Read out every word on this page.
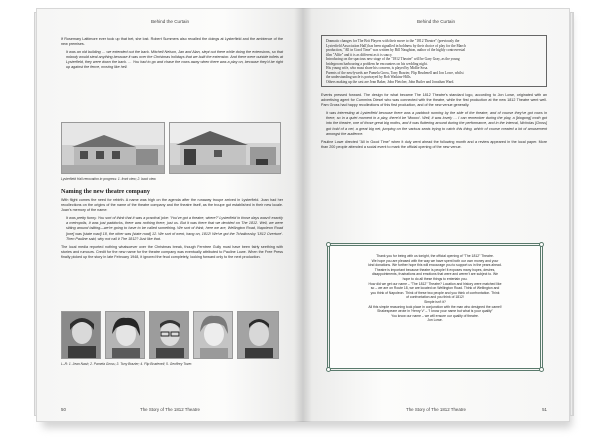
Behind the Curtain

If Rosemary Lattimore ever took up that bet, she lost. Robert Summers also recalled the doings at Lysterfield and the ambience of the new premises.

It was an old building … we extended out the back. Mitchell Nelson, Jan and Alan, slept out there while doing the extensions, so that nobody would steal anything because it was over the Christmas holidays that we built the extension. And there were outside toilets at Lysterfield, they were down the back. … You had to go and chase the cows away when there was a play on, because they'd be right up against the fence, moving like hell.

Lysterfield Hall renovation in progress: 1. front view; 2. back view.
Naming the new theatre company

With flight comes the need for rebirth. A name was high on the agenda after the runaway troupe arrived in Lysterfield. Joan had her recollections on the origins of the name of the theatre company and the theatre itself, as the troupe got established in their new locale. Joan's memory of the name:

It was pretty funny. You sort of think that it was a practical joke: 'You've got a theatre, where?' Lysterfield in those days wasn't exactly a metropolis, it was just paddocks, there was nothing there, just us. But it was there that we decided on The 1812. Well, we were sitting around talking—we're going to have to be called something. We sort of think, here we are, Wellington Road, Napoleon Road [one] was [state road] 18, the other was [state road] 12. We sort of went, hang on, 1812! We've got the Tchaikovsky '1812 Overture'. Then Pauline said, why not call it The 1812? Just like that.

The local media reported nothing whatsoever over the Christmas break, though Ferntree Gully must have been fairly seething with stories and rumours. Credit for the new name for the theatre company was eventually attributed to Pauline Lowe. When the Free Press finally picked up the story in late February 1948, it ignored the feud completely, looking forward only to the next production.

L–R: 1. Jean Nash; 2. Pamela Gross; 3. Tony Brazier; 4. Flip Brudenell; 5. Geoffrey Tozer.
50	The Story of The 1812 Theatre
Behind the Curtain
Dramatic changes for The Brit Players with their move to the "1812 Theatre" (previously the
Lysterfield Association Hall) has been signalled in boldness by their choice of play for the March
production, "All in Good Time" was written by Bill Naughton, author of the highly controversial
film "Alfie" and it is as different as it is saucy.
Introducing on the spacious new stage of the "1812 Theatre" will be Gary Gray, as the young
bridegroom harbouring a problem he encounters on his wedding night.
His young wife, who must share his concern, is played by Midlie Sosa.
Parents of the newlyweds are Pamela Gross, Tony Brazier, Flip Brudenell and Jon Lowe, whilst
the understanding uncle is portrayed by Bob Watkins-Hills.
Others making up the cast are Jean Baker, John Fletcher, John Butler and Jonathan Ward.

Events pressed forward. The design for what became The 1812 Theatre's standard logo, according to Jon Lowe, originated with an advertising agent for Cummins Diesel who was connected with the theatre, while the first production at the new 1812 Theatre went well. Pam Gross had happy recollections of this first production, and of the new venue generally.

It was interesting at Lysterfield because there was a paddock running by the side of the theatre, and of course they've got cows in there, so in a quiet moment in a play, there'd be 'Moooo'. Well, it was lovely … I can remember during the play, a [biogong] moth got into the theatre, one of those great big moths, and it was fluttering around during the performance, and in the interval, Nicholas [Gross] got hold of a net, a great big net, jumping on the various seats trying to catch this thing, which of course created a lot of amusement amongst the audience.

Pauline Lowe directed "All in Good Time" when it duly went ahead the following month and a review appeared in the local paper. More than 200 people attended a social event to mark the official opening of the new venue.

Thank you for being with us tonight, the official opening of "The 1812" Theatre.
We hope you are pleased with the way we have spent both our own money and your
kind donations. We further hope this will encourage you to support us in the years ahead.
Theatre is important because theatre is people! It exposes many hopes, desires,
disappointments, frustrations and emotions that were and weren't are subject to. We
hope to do all these things to entertain you.
How did we get our name – "The 1812" Theatre? Location and history were matched like
so – we are on Route 18, we are located on Wellington Road. Think of Wellington and
you think of Napoleon. Think of these two people and you think of confrontation. Think
of confrontation and you think of 1812!
Simple isn't it?
All this simple reasoning took place in conjunction with the man who designed the camel!
Shakespeare wrote in 'Henry V' – "I know your name but what is your quality"
You know our name – we will ensure our quality of theatre.
Jon Lowe.
The Story of The 1812 Theatre	51
